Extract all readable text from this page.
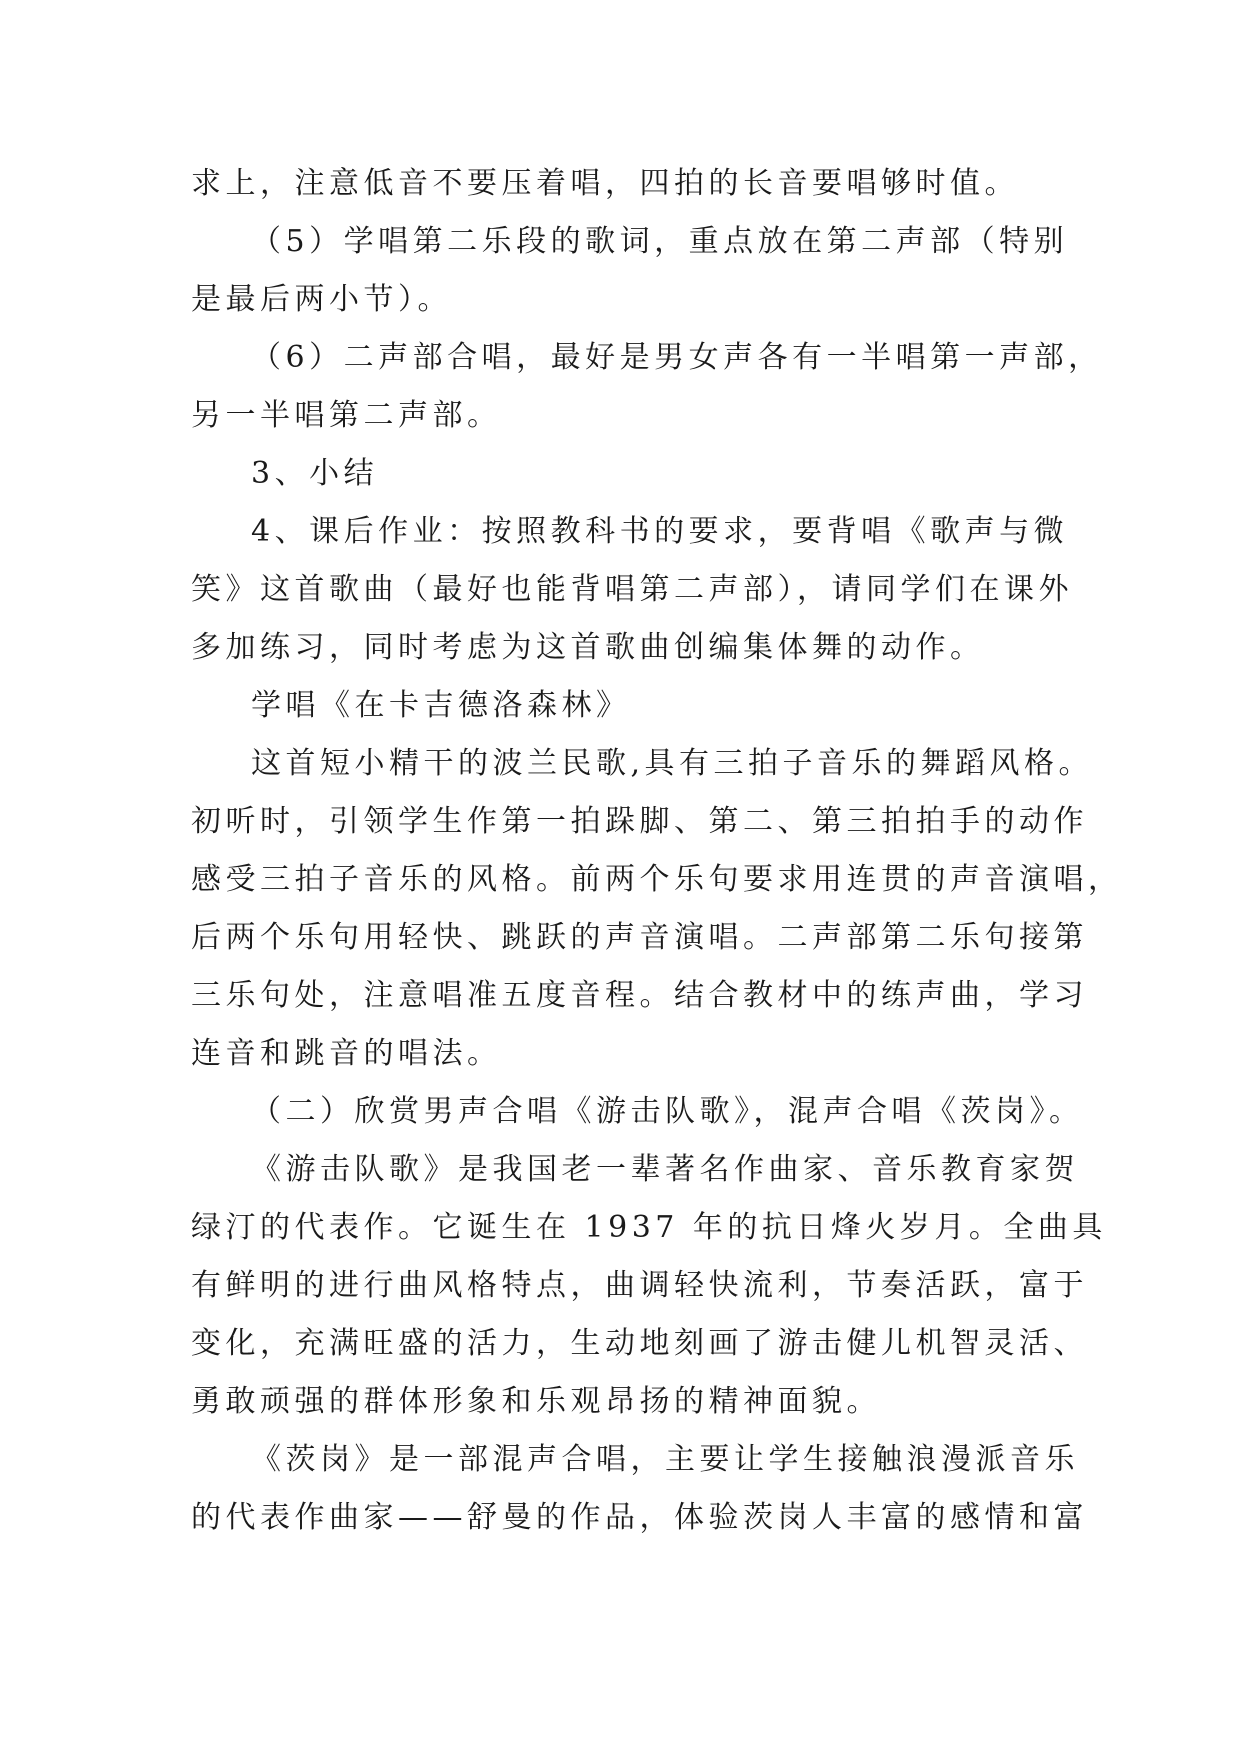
求上，注意低音不要压着唱，四拍的长音要唱够时值。
（5）学唱第二乐段的歌词，重点放在第二声部（特别
是最后两小节）。
（6）二声部合唱，最好是男女声各有一半唱第一声部，
另一半唱第二声部。
3、小结
4、课后作业：按照教科书的要求，要背唱《歌声与微
笑》这首歌曲（最好也能背唱第二声部），请同学们在课外
多加练习，同时考虑为这首歌曲创编集体舞的动作。
学唱《在卡吉德洛森林》
这首短小精干的波兰民歌,具有三拍子音乐的舞蹈风格。
初听时，引领学生作第一拍跺脚、第二、第三拍拍手的动作
感受三拍子音乐的风格。前两个乐句要求用连贯的声音演唱，
后两个乐句用轻快、跳跃的声音演唱。二声部第二乐句接第
三乐句处，注意唱准五度音程。结合教材中的练声曲，学习
连音和跳音的唱法。
（二）欣赏男声合唱《游击队歌》，混声合唱《茨岗》。
《游击队歌》是我国老一辈著名作曲家、音乐教育家贺
绿汀的代表作。它诞生在 1937 年的抗日烽火岁月。全曲具
有鲜明的进行曲风格特点，曲调轻快流利，节奏活跃，富于
变化，充满旺盛的活力，生动地刻画了游击健儿机智灵活、
勇敢顽强的群体形象和乐观昂扬的精神面貌。
《茨岗》是一部混声合唱，主要让学生接触浪漫派音乐
的代表作曲家——舒曼的作品，体验茨岗人丰富的感情和富
